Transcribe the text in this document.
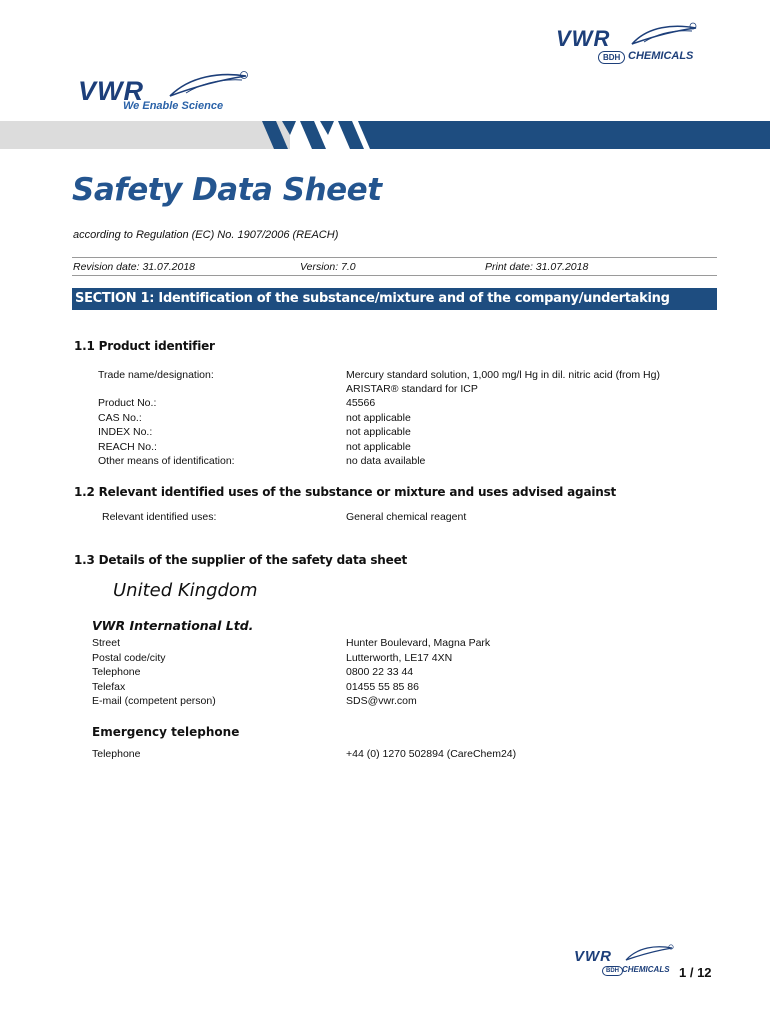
VWR
BDH CHEMICALS
VWR
We Enable Science
Safety Data Sheet
according to Regulation (EC) No. 1907/2006 (REACH)
Revision date: 31.07.2018	Version: 7.0	Print date: 31.07.2018
SECTION 1: Identification of the substance/mixture and of the company/undertaking
1.1 Product identifier
Trade name/designation:	Mercury standard solution, 1,000 mg/l Hg in dil. nitric acid (from Hg)
ARISTAR® standard for ICP
Product No.:	45566
CAS No.:	not applicable
INDEX No.:	not applicable
REACH No.:	not applicable
Other means of identification:	no data available
1.2 Relevant identified uses of the substance or mixture and uses advised against
Relevant identified uses:	General chemical reagent
1.3 Details of the supplier of the safety data sheet
United Kingdom
VWR International Ltd.
Street	Hunter Boulevard, Magna Park
Postal code/city	Lutterworth, LE17 4XN
Telephone	0800 22 33 44
Telefax	01455 55 85 86
E-mail (competent person)	SDS@vwr.com
Emergency telephone
Telephone	+44 (0) 1270 502894 (CareChem24)
VWR
BDH CHEMICALS 1 / 12
